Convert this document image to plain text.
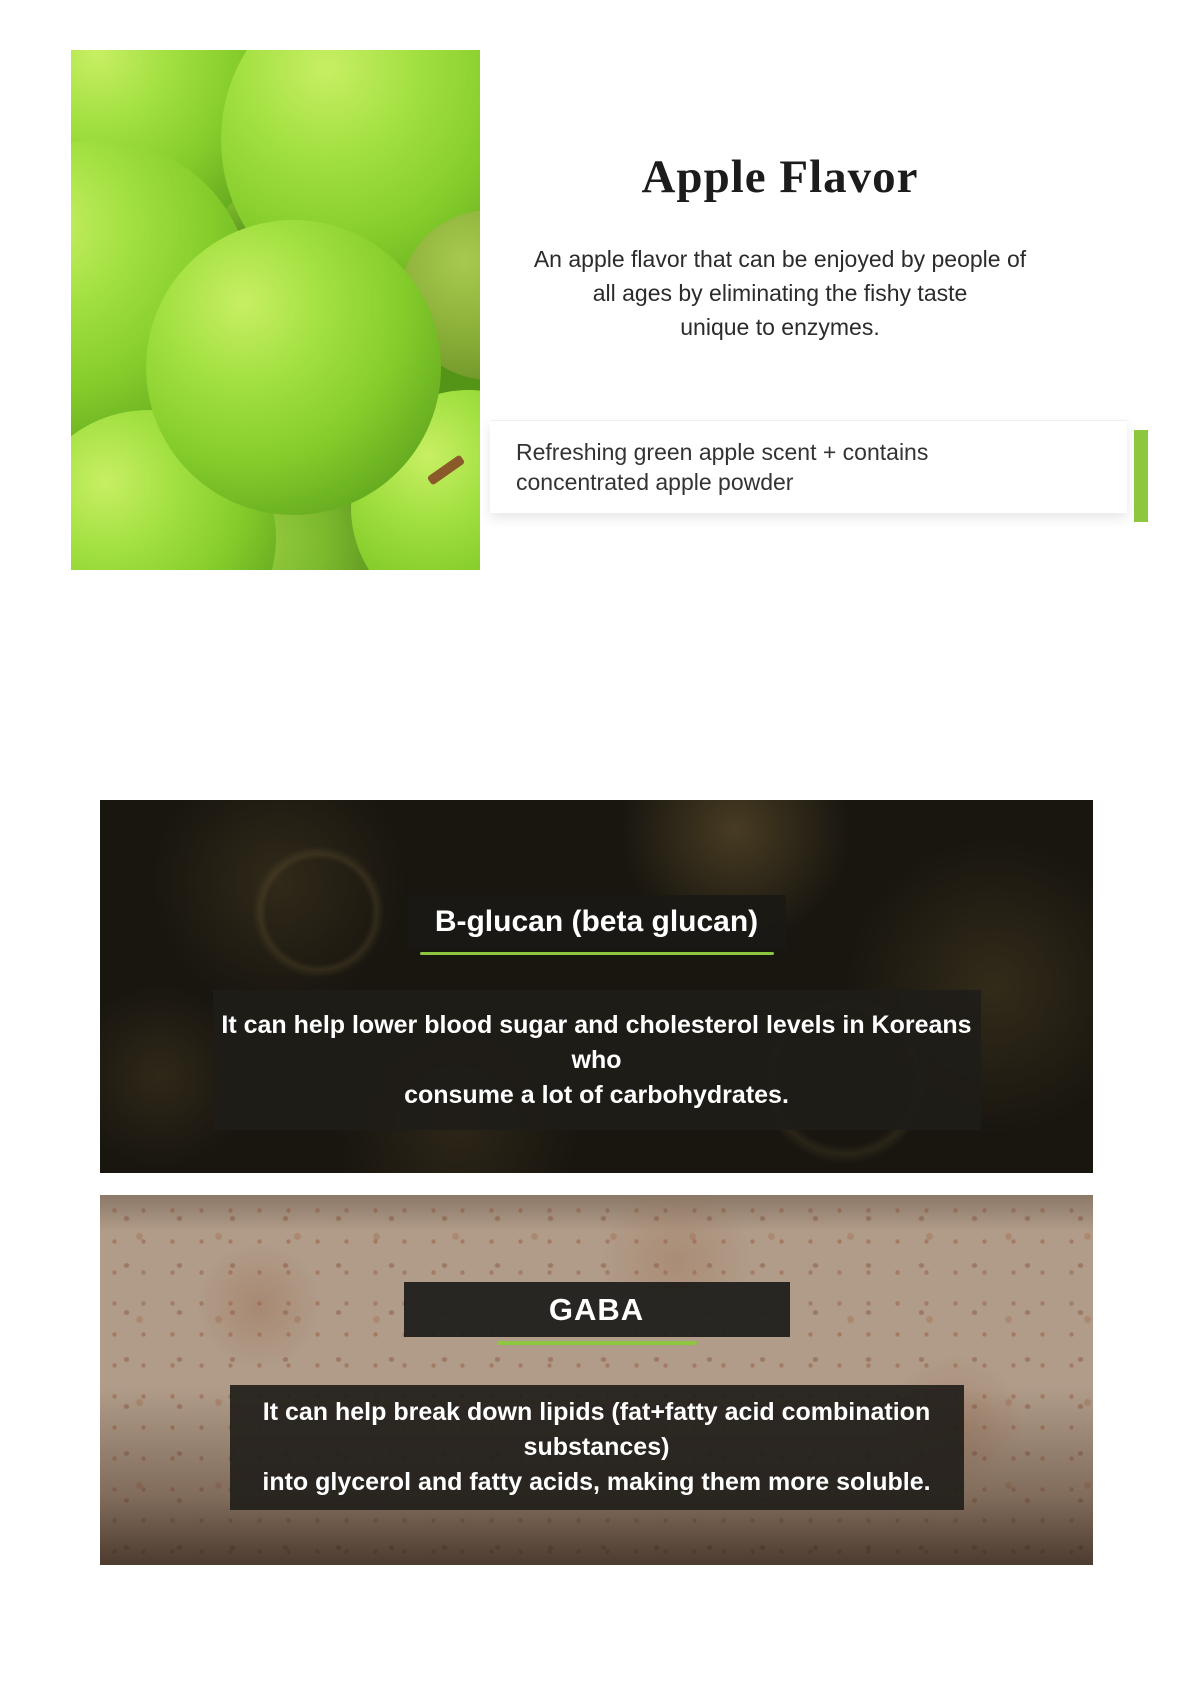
Apple Flavor

An apple flavor that can be enjoyed by people of
all ages by eliminating the fishy taste
unique to enzymes.

Refreshing green apple scent + contains
concentrated apple powder

B-glucan (beta glucan)

It can help lower blood sugar and cholesterol levels in Koreans who
consume a lot of carbohydrates.

GABA

It can help break down lipids (fat+fatty acid combination substances)
into glycerol and fatty acids, making them more soluble.
